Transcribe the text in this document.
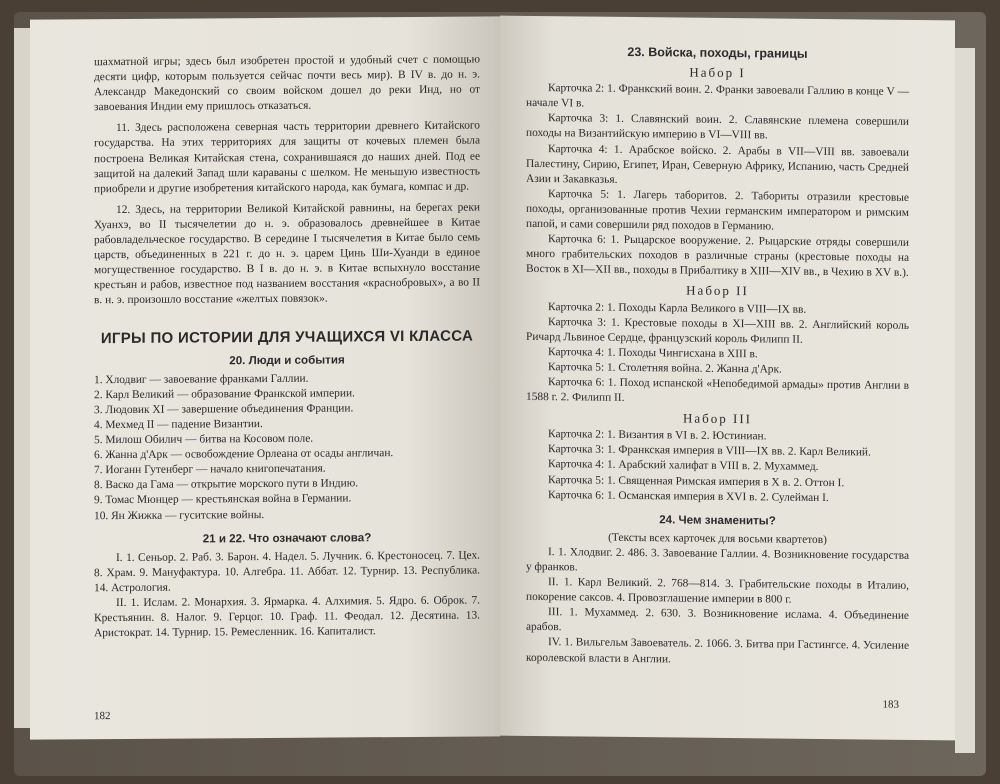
шахматной игры; здесь был изобретен простой и удобный счет с помощью десяти цифр, которым пользуется сейчас почти весь мир). В IV в. до н. э. Александр Македонский со своим войском дошел до реки Инд, но от завоевания Индии ему пришлось отказаться.

11. Здесь расположена северная часть территории древнего Китайского государства. На этих территориях для защиты от кочевых племен была построена Великая Китайская стена, сохранившаяся до наших дней. Под ее защитой на далекий Запад шли караваны с шелком. Не меньшую известность приобрели и другие изобретения китайского народа, как бумага, компас и др.

12. Здесь, на территории Великой Китайской равнины, на берегах реки Хуанхэ, во II тысячелетии до н. э. образовалось древнейшее в Китае рабовладельческое государство. В середине I тысячелетия в Китае было семь царств, объединенных в 221 г. до н. э. царем Цинь Ши-Хуанди в единое могущественное государство. В I в. до н. э. в Китае вспыхнуло восстание крестьян и рабов, известное под названием восстания «краснобровых», а во II в. н. э. произошло восстание «желтых повязок».

ИГРЫ ПО ИСТОРИИ ДЛЯ УЧАЩИХСЯ VI КЛАССА
20. Люди и события
1. Хлодвиг — завоевание франками Галлии.
2. Карл Великий — образование Франкской империи.
3. Людовик XI — завершение объединения Франции.
4. Мехмед II — падение Византии.
5. Милош Обилич — битва на Косовом поле.
6. Жанна д'Арк — освобождение Орлеана от осады англичан.
7. Иоганн Гутенберг — начало книгопечатания.
8. Васко да Гама — открытие морского пути в Индию.
9. Томас Мюнцер — крестьянская война в Германии.
10. Ян Жижка — гуситские войны.
21 и 22. Что означают слова?

I. 1. Сеньор. 2. Раб. 3. Барон. 4. Надел. 5. Лучник. 6. Крестоносец. 7. Цех. 8. Храм. 9. Мануфактура. 10. Алгебра. 11. Аббат. 12. Турнир. 13. Республика. 14. Астрология.

II. 1. Ислам. 2. Монархия. 3. Ярмарка. 4. Алхимия. 5. Ядро. 6. Оброк. 7. Крестьянин. 8. Налог. 9. Герцог. 10. Граф. 11. Феодал. 12. Десятина. 13. Аристократ. 14. Турнир. 15. Ремесленник. 16. Капиталист.

182
23. Войска, походы, границы
Набор I

Карточка 2: 1. Франкский воин. 2. Франки завоевали Галлию в конце V — начале VI в.

Карточка 3: 1. Славянский воин. 2. Славянские племена совершили походы на Византийскую империю в VI—VIII вв.

Карточка 4: 1. Арабское войско. 2. Арабы в VII—VIII вв. завоевали Палестину, Сирию, Египет, Иран, Северную Африку, Испанию, часть Средней Азии и Закавказья.

Карточка 5: 1. Лагерь таборитов. 2. Табориты отразили крестовые походы, организованные против Чехии германским императором и римским папой, и сами совершили ряд походов в Германию.

Карточка 6: 1. Рыцарское вооружение. 2. Рыцарские отряды совершили много грабительских походов в различные страны (крестовые походы на Восток в XI—XII вв., походы в Прибалтику в XIII—XIV вв., в Чехию в XV в.).

Набор II

Карточка 2: 1. Походы Карла Великого в VIII—IX вв.

Карточка 3: 1. Крестовые походы в XI—XIII вв. 2. Английский король Ричард Львиное Сердце, французский король Филипп II.

Карточка 4: 1. Походы Чингисхана в XIII в.

Карточка 5: 1. Столетняя война. 2. Жанна д'Арк.

Карточка 6: 1. Поход испанской «Непобедимой армады» против Англии в 1588 г. 2. Филипп II.

Набор III

Карточка 2: 1. Византия в VI в. 2. Юстиниан.

Карточка 3: 1. Франкская империя в VIII—IX вв. 2. Карл Великий.

Карточка 4: 1. Арабский халифат в VIII в. 2. Мухаммед.

Карточка 5: 1. Священная Римская империя в X в. 2. Оттон I.

Карточка 6: 1. Османская империя в XVI в. 2. Сулейман I.

24. Чем знамениты?
(Тексты всех карточек для восьми квартетов)

I. 1. Хлодвиг. 2. 486. 3. Завоевание Галлии. 4. Возникновение государства у франков.

II. 1. Карл Великий. 2. 768—814. 3. Грабительские походы в Италию, покорение саксов. 4. Провозглашение империи в 800 г.

III. 1. Мухаммед. 2. 630. 3. Возникновение ислама. 4. Объединение арабов.

IV. 1. Вильгельм Завоеватель. 2. 1066. 3. Битва при Гастингсе. 4. Усиление королевской власти в Англии.

183
